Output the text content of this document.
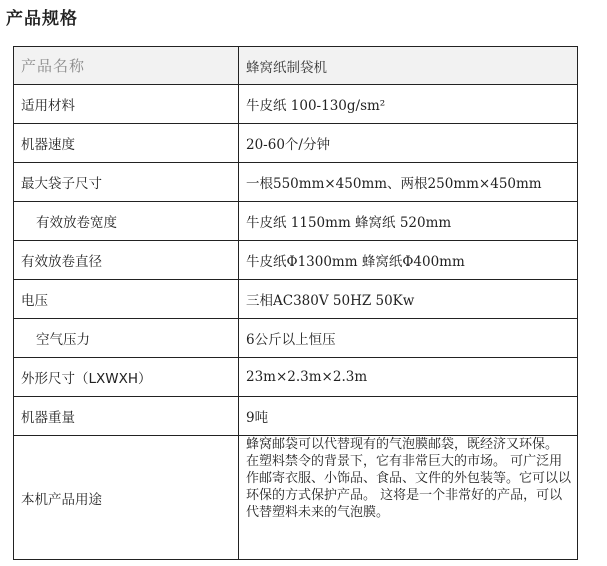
产品规格
产品名称	蜂窝纸制袋机
适用材料	牛皮纸 100-130g/sm²
机器速度	20-60个/分钟
最大袋子尺寸	一根550mm×450mm、两根250mm×450mm
有效放卷宽度	牛皮纸 1150mm 蜂窝纸 520mm
有效放卷直径	牛皮纸Φ1300mm 蜂窝纸Φ400mm
电压	三相AC380V 50HZ 50Kw
空气压力	6公斤以上恒压
外形尺寸（LXWXH）	23m×2.3m×2.3m
机器重量	9吨
本机产品用途	蜂窝邮袋可以代替现有的气泡膜邮袋，既经济又环保。
在塑料禁令的背景下，它有非常巨大的市场。 可广泛用作邮寄衣服、小饰品、食品、文件的外包装等。它可以以环保的方式保护产品。 这将是一个非常好的产品，可以代替塑料未来的气泡膜。
